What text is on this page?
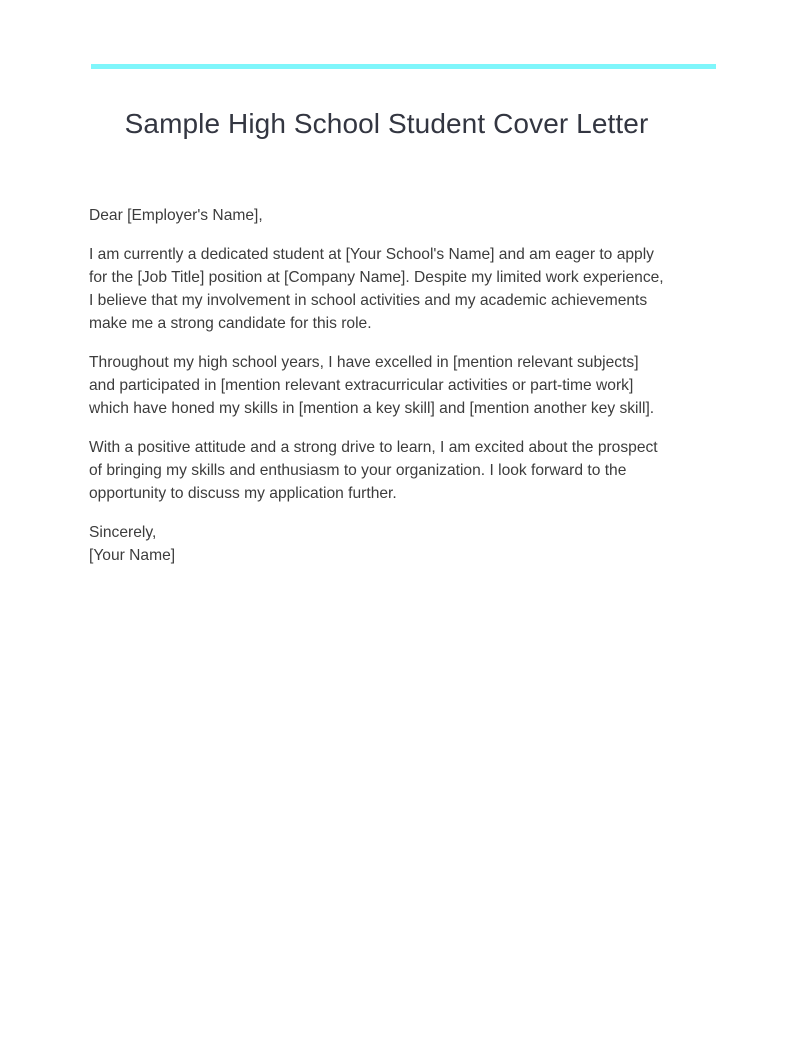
Sample High School Student Cover Letter

Dear [Employer's Name],

I am currently a dedicated student at [Your School's Name] and am eager to apply
for the [Job Title] position at [Company Name]. Despite my limited work experience,
I believe that my involvement in school activities and my academic achievements
make me a strong candidate for this role.

Throughout my high school years, I have excelled in [mention relevant subjects]
and participated in [mention relevant extracurricular activities or part-time work]
which have honed my skills in [mention a key skill] and [mention another key skill].

With a positive attitude and a strong drive to learn, I am excited about the prospect
of bringing my skills and enthusiasm to your organization. I look forward to the
opportunity to discuss my application further.

Sincerely,
[Your Name]
